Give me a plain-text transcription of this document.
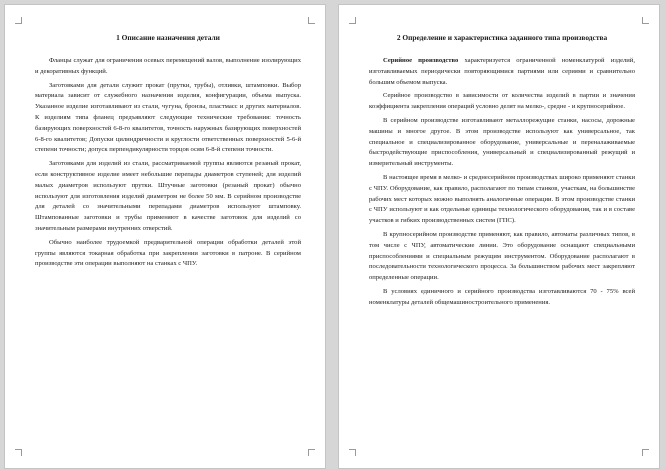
1 Описание назначения детали

Фланцы служат для ограничения осевых перемещений валов, выполнение изолирующих и декоративных функций.

Заготовками для детали служит прокат (прутки, трубы), отливки, штамповки. Выбор материала зависит от служебного назначения изделия, конфигурации, объема выпуска. Указанное изделие изготавливают из стали, чугуна, бронзы, пластмасс и других материалов. К изделиям типа фланец предъявляют следующие технические требования: точность базирующих поверхностей 6-8-го квалитетов, точность наружных базирующих поверхностей 6-8-го квалитетов; Допуски цилиндричности и круглости ответственных поверхностей 5-6-й степени точности; допуск перпендикулярности торцов осям 6-8-й степени точности.

Заготовками для изделий из стали, рассматриваемой группы являются резаный прокат, если конструктивное изделие имеет небольшие перепады диаметров ступеней; для изделий малых диаметров используют прутки. Штучные заготовки (резаный прокат) обычно используют для изготовления изделий диаметром не более 50 мм. В серийном производстве для деталей со значительными перепадами диаметров используют штамповку. Штампованные заготовки и трубы применяют в качестве заготовок для изделий со значительным размерами внутренних отверстий.

Обычно наиболее трудоемкой предварительной операции обработки деталей этой группы являются токарная обработка при закреплении заготовки в патроне. В серийном производстве эти операции выполняют на станках с ЧПУ.

2 Определение и характеристика заданного типа производства

Серийное производство характеризуется ограниченной номенклатурой изделий, изготавливаемых периодически повторяющимися партиями или сериями и сравнительно большим объемом выпуска.

Серийное производство в зависимости от количества изделий в партии и значения коэффициента закрепления операций условно делят на мелко-, средне - и крупносерийное.

В серийном производстве изготавливают металлорежущие станки, насосы, дорожные машины и многое другое. В этом производстве используют как универсальное, так специальное и специализированное оборудование, универсальные и переналаживаемые быстродействующие приспособления, универсальный и специализированный режущий и измерительный инструменты.

В настоящее время в мелко- и среднесерийном производствах широко применяют станки с ЧПУ. Оборудование, как правило, располагают по типам станков, участкам, на большинстве рабочих мест которых можно выполнять аналогичные операции. В этом производстве станки с ЧПУ используют и как отдельные единицы технологического оборудования, так и в составе участков и гибких производственных систем (ГПС).

В крупносерийном производстве применяют, как правило, автоматы различных типов, в том числе с ЧПУ, автоматические линии. Это оборудование оснащают специальными приспособлениями и специальным режущим инструментом. Оборудование располагают в последовательности технологического процесса. За большинством рабочих мест закрепляют определенные операции.

В условиях единичного и серийного производства изготавливаются 70 - 75% всей номенклатуры деталей общемашиностроительного применения.
